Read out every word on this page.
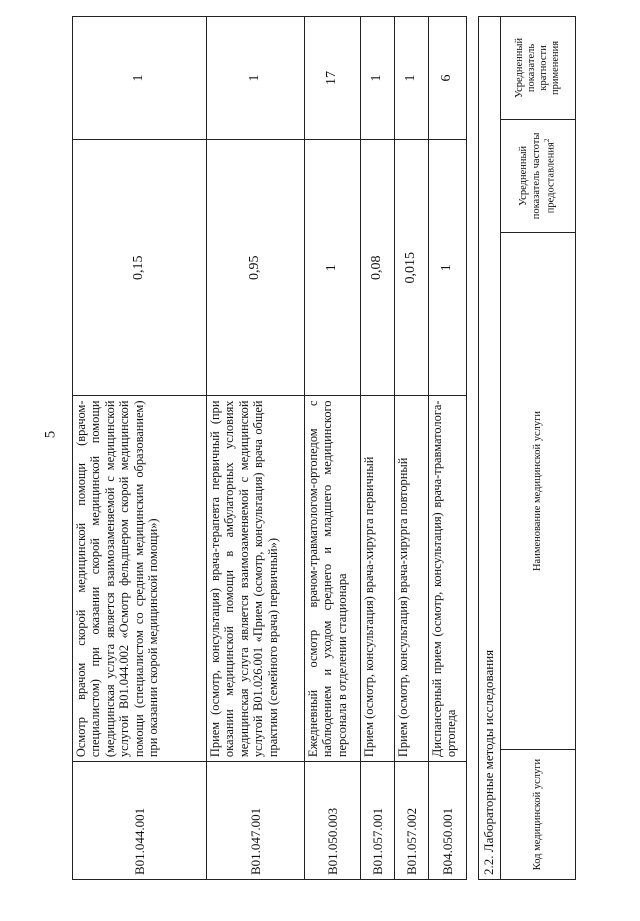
5
B01.044.001	Осмотр врачом скорой медицинской помощи (врачом-специалистом) при оказании скорой медицинской помощи (медицинская услуга является взаимозаменяемой с медицинской услугой B01.044.002 «Осмотр фельдшером скорой медицинской помощи (специалистом со средним медицинским образованием) при оказании скорой медицинской помощи»)	0,15	1
B01.047.001	Прием (осмотр, консультация) врача-терапевта первичный (при оказании медицинской помощи в амбулаторных условиях медицинская услуга является взаимозаменяемой с медицинской услугой B01.026.001 «Прием (осмотр, консультация) врача общей практики (семейного врача) первичный»)	0,95	1
B01.050.003	Ежедневный осмотр врачом-травматологом-ортопедом с наблюдением и уходом среднего и младшего медицинского персонала в отделении стационара	1	17
B01.057.001	Прием (осмотр, консультация) врача-хирурга первичный	0,08	1
B01.057.002	Прием (осмотр, консультация) врача-хирурга повторный	0,015	1
B04.050.001	Диспансерный прием (осмотр, консультация) врача-травматолога-ортопеда	1	6
2.2. Лабораторные методы исследования	Код медицинской услуги	Наименование медицинской услуги	Усредненный показатель частоты предоставления$^2$	Усредненный показатель кратности применения
